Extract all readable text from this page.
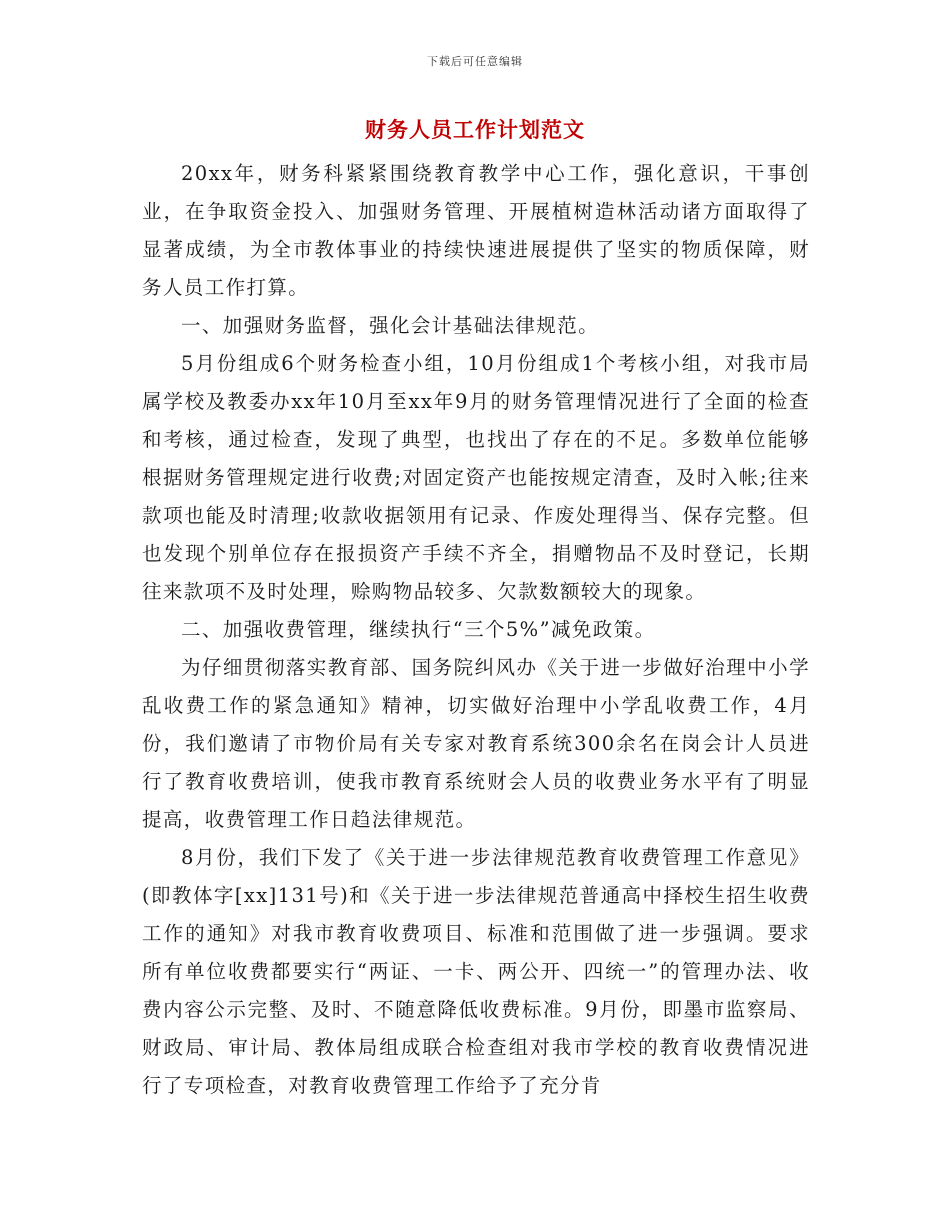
下载后可任意编辑
财务人员工作计划范文

20xx年，财务科紧紧围绕教育教学中心工作，强化意识，干事创业，在争取资金投入、加强财务管理、开展植树造林活动诸方面取得了显著成绩，为全市教体事业的持续快速进展提供了坚实的物质保障，财务人员工作打算。

一、加强财务监督，强化会计基础法律规范。

5月份组成6个财务检查小组，10月份组成1个考核小组，对我市局属学校及教委办xx年10月至xx年9月的财务管理情况进行了全面的检查和考核，通过检查，发现了典型，也找出了存在的不足。多数单位能够根据财务管理规定进行收费;对固定资产也能按规定清查，及时入帐;往来款项也能及时清理;收款收据领用有记录、作废处理得当、保存完整。但也发现个别单位存在报损资产手续不齐全，捐赠物品不及时登记，长期往来款项不及时处理，赊购物品较多、欠款数额较大的现象。

二、加强收费管理，继续执行“三个5%”减免政策。

为仔细贯彻落实教育部、国务院纠风办《关于进一步做好治理中小学乱收费工作的紧急通知》精神，切实做好治理中小学乱收费工作，4月份，我们邀请了市物价局有关专家对教育系统300余名在岗会计人员进行了教育收费培训，使我市教育系统财会人员的收费业务水平有了明显提高，收费管理工作日趋法律规范。

8月份，我们下发了《关于进一步法律规范教育收费管理工作意见》(即教体字[xx]131号)和《关于进一步法律规范普通高中择校生招生收费工作的通知》对我市教育收费项目、标准和范围做了进一步强调。要求所有单位收费都要实行“两证、一卡、两公开、四统一”的管理办法、收费内容公示完整、及时、不随意降低收费标准。9月份，即墨市监察局、财政局、审计局、教体局组成联合检查组对我市学校的教育收费情况进行了专项检查，对教育收费管理工作给予了充分肯
